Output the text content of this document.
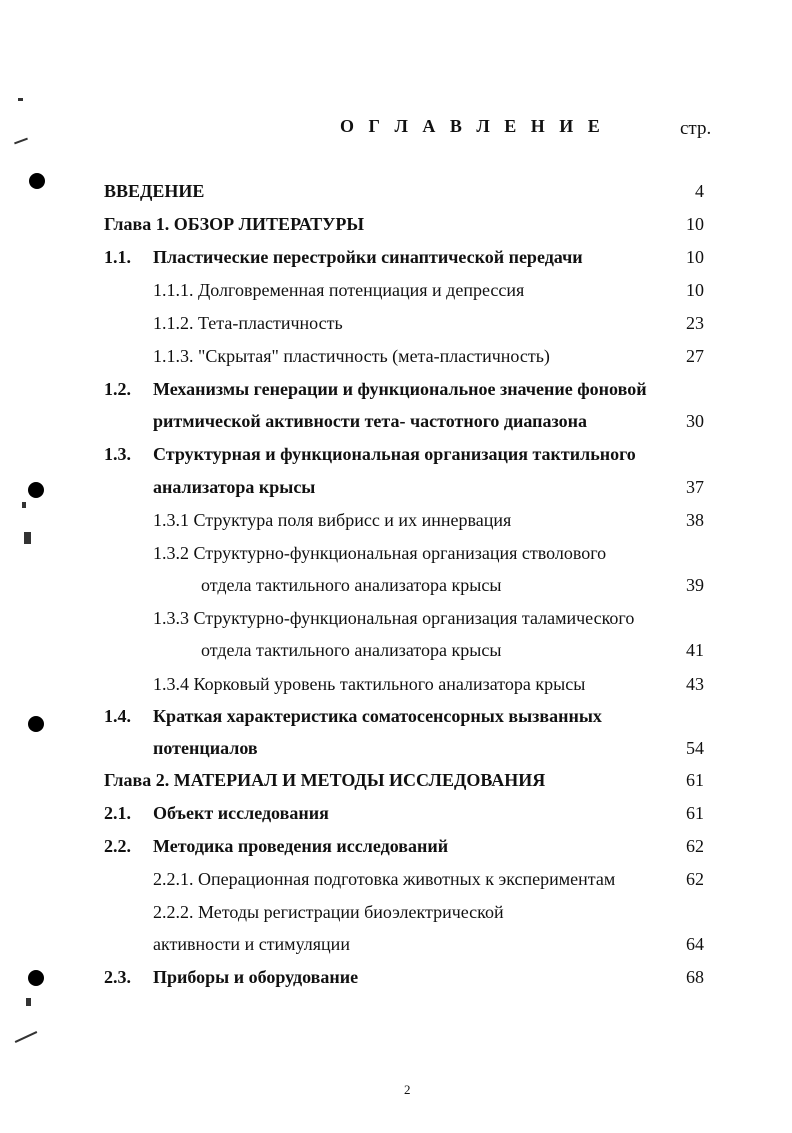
О Г Л А В Л Е Н И Е	стр.
ВВЕДЕНИЕ	4
Глава 1. ОБЗОР ЛИТЕРАТУРЫ	10
1.1. Пластические перестройки синаптической передачи	10
1.1.1. Долговременная потенциация и депрессия	10
1.1.2. Тета-пластичность	23
1.1.3. "Скрытая" пластичность (мета-пластичность)	27
1.2. Механизмы генерации и функциональное значение фоновой
ритмической активности тета- частотного диапазона	30
1.3. Структурная и функциональная организация тактильного
анализатора крысы	37
1.3.1 Структура поля вибрисс и их иннервация	38
1.3.2 Структурно-функциональная организация стволового
отдела тактильного анализатора крысы	39
1.3.3 Структурно-функциональная организация таламического
отдела тактильного анализатора крысы	41
1.3.4 Корковый уровень тактильного анализатора крысы	43
1.4. Краткая характеристика соматосенсорных вызванных
потенциалов	54
Глава 2. МАТЕРИАЛ И МЕТОДЫ ИССЛЕДОВАНИЯ	61
2.1. Объект исследования	61
2.2. Методика проведения исследований	62
2.2.1. Операционная подготовка животных к экспериментам	62
2.2.2. Методы регистрации биоэлектрической
активности и стимуляции	64
2.3. Приборы и оборудование	68
2
